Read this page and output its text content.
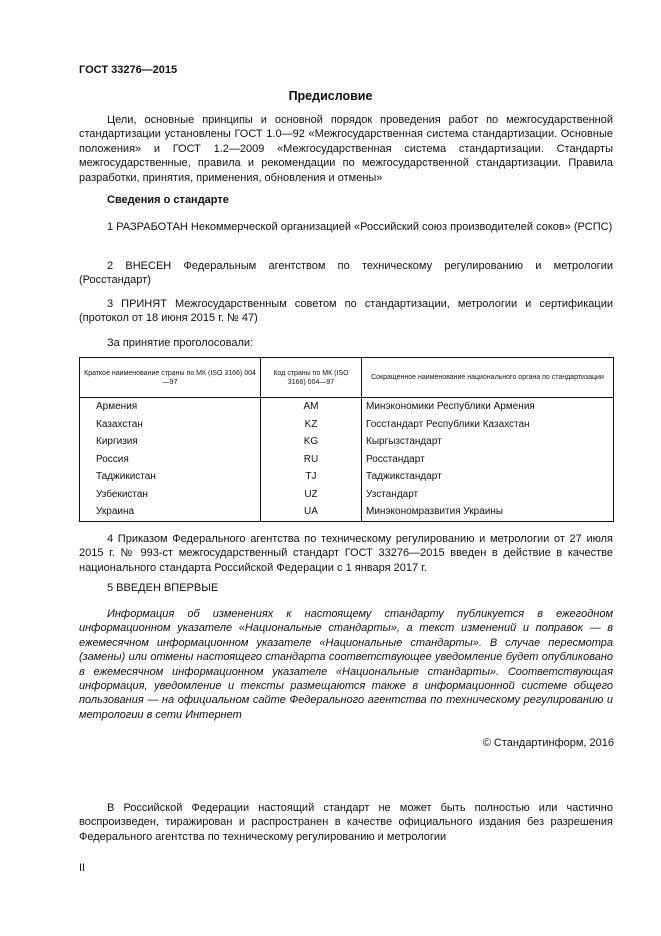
ГОСТ 33276—2015
Предисловие

Цели, основные принципы и основной порядок проведения работ по межгосударственной стандартизации установлены ГОСТ 1.0—92 «Межгосударственная система стандартизации. Основные положения» и ГОСТ 1.2—2009 «Межгосударственная система стандартизации. Стандарты межгосударственные, правила и рекомендации по межгосударственной стандартизации. Правила разработки, принятия, применения, обновления и отмены»

Сведения о стандарте

1 РАЗРАБОТАН Некоммерческой организацией «Российский союз производителей соков» (РСПС)

2 ВНЕСЕН Федеральным агентством по техническому регулированию и метрологии (Росстандарт)

3 ПРИНЯТ Межгосударственным советом по стандартизации, метрологии и сертификации (протокол от 18 июня 2015 г. № 47)

За принятие проголосовали:

Краткое наименование страны по МК (ISO 3166) 004—97	Код страны по МК (ISO 3166) 004—97	Сокращенное наименование национального органа по стандартизации
Армения	AM	Минэкономики Республики Армения
Казахстан	KZ	Госстандарт Республики Казахстан
Киргизия	KG	Кыргызстандарт
Россия	RU	Росстандарт
Таджикистан	TJ	Таджикстандарт
Узбекистан	UZ	Узстандарт
Украина	UA	Минэкономразвития Украины

4 Приказом Федерального агентства по техническому регулированию и метрологии от 27 июля 2015 г. № 993-ст межгосударственный стандарт ГОСТ 33276—2015 введен в действие в качестве национального стандарта Российской Федерации с 1 января 2017 г.

5 ВВЕДЕН ВПЕРВЫЕ

Информация об изменениях к настоящему стандарту публикуется в ежегодном информационном указателе «Национальные стандарты», а текст изменений и поправок — в ежемесячном информационном указателе «Национальные стандарты». В случае пересмотра (замены) или отмены настоящего стандарта соответствующее уведомление будет опубликовано в ежемесячном информационном указателе «Национальные стандарты». Соответствующая информация, уведомление и тексты размещаются также в информационной системе общего пользования — на официальном сайте Федерального агентства по техническому регулированию и метрологии в сети Интернет

© Стандартинформ, 2016

В Российской Федерации настоящий стандарт не может быть полностью или частично воспроизведен, тиражирован и распространен в качестве официального издания без разрешения Федерального агентства по техническому регулированию и метрологии

II
